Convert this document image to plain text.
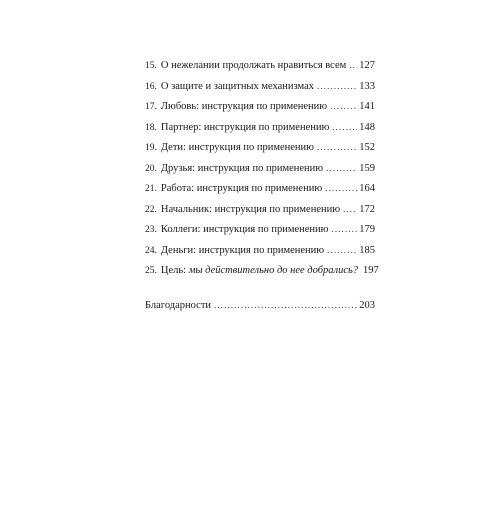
15. О нежелании продолжать нравиться всем ..... 127
16. О защите и защитных механизмах .....	133
17. Любовь: инструкция по применению .....	141
18. Партнер: инструкция по применению .....	148
19. Дети: инструкция по применению .....	152
20. Друзья: инструкция по применению .....	159
21. Работа: инструкция по применению .....	164
22. Начальник: инструкция по применению ..... 172
23. Коллеги: инструкция по применению .....	179
24. Деньги: инструкция по применению .....	185
25. Цель: мы действительно до нее добрались? 197
Благодарности .....	203
